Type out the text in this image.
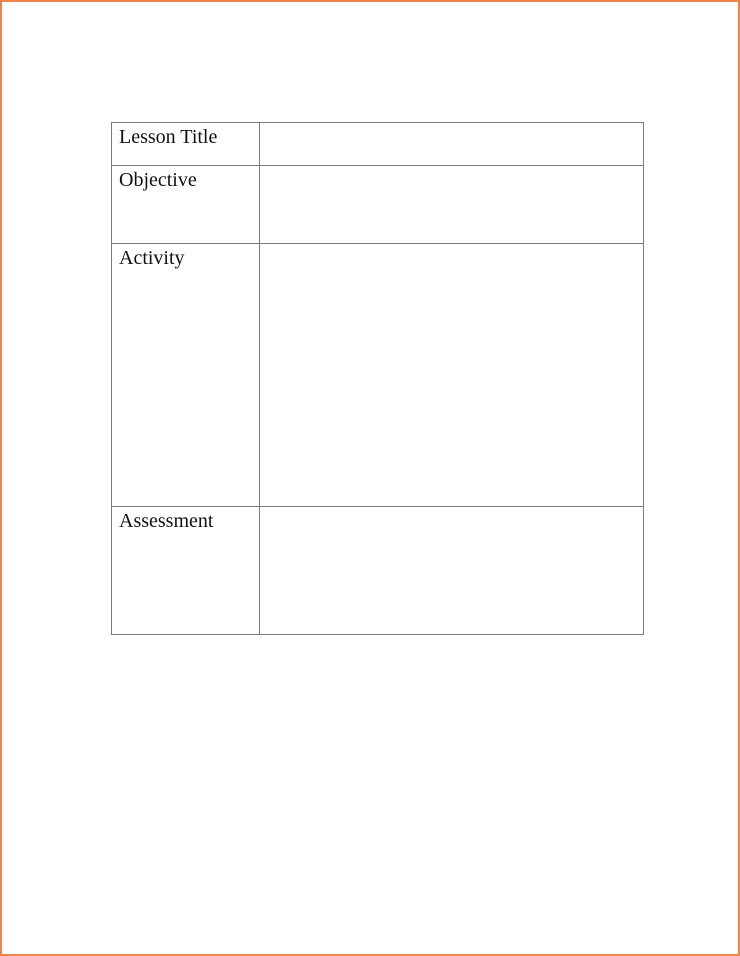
Lesson Title	

Objective	

Activity	

Assessment	
